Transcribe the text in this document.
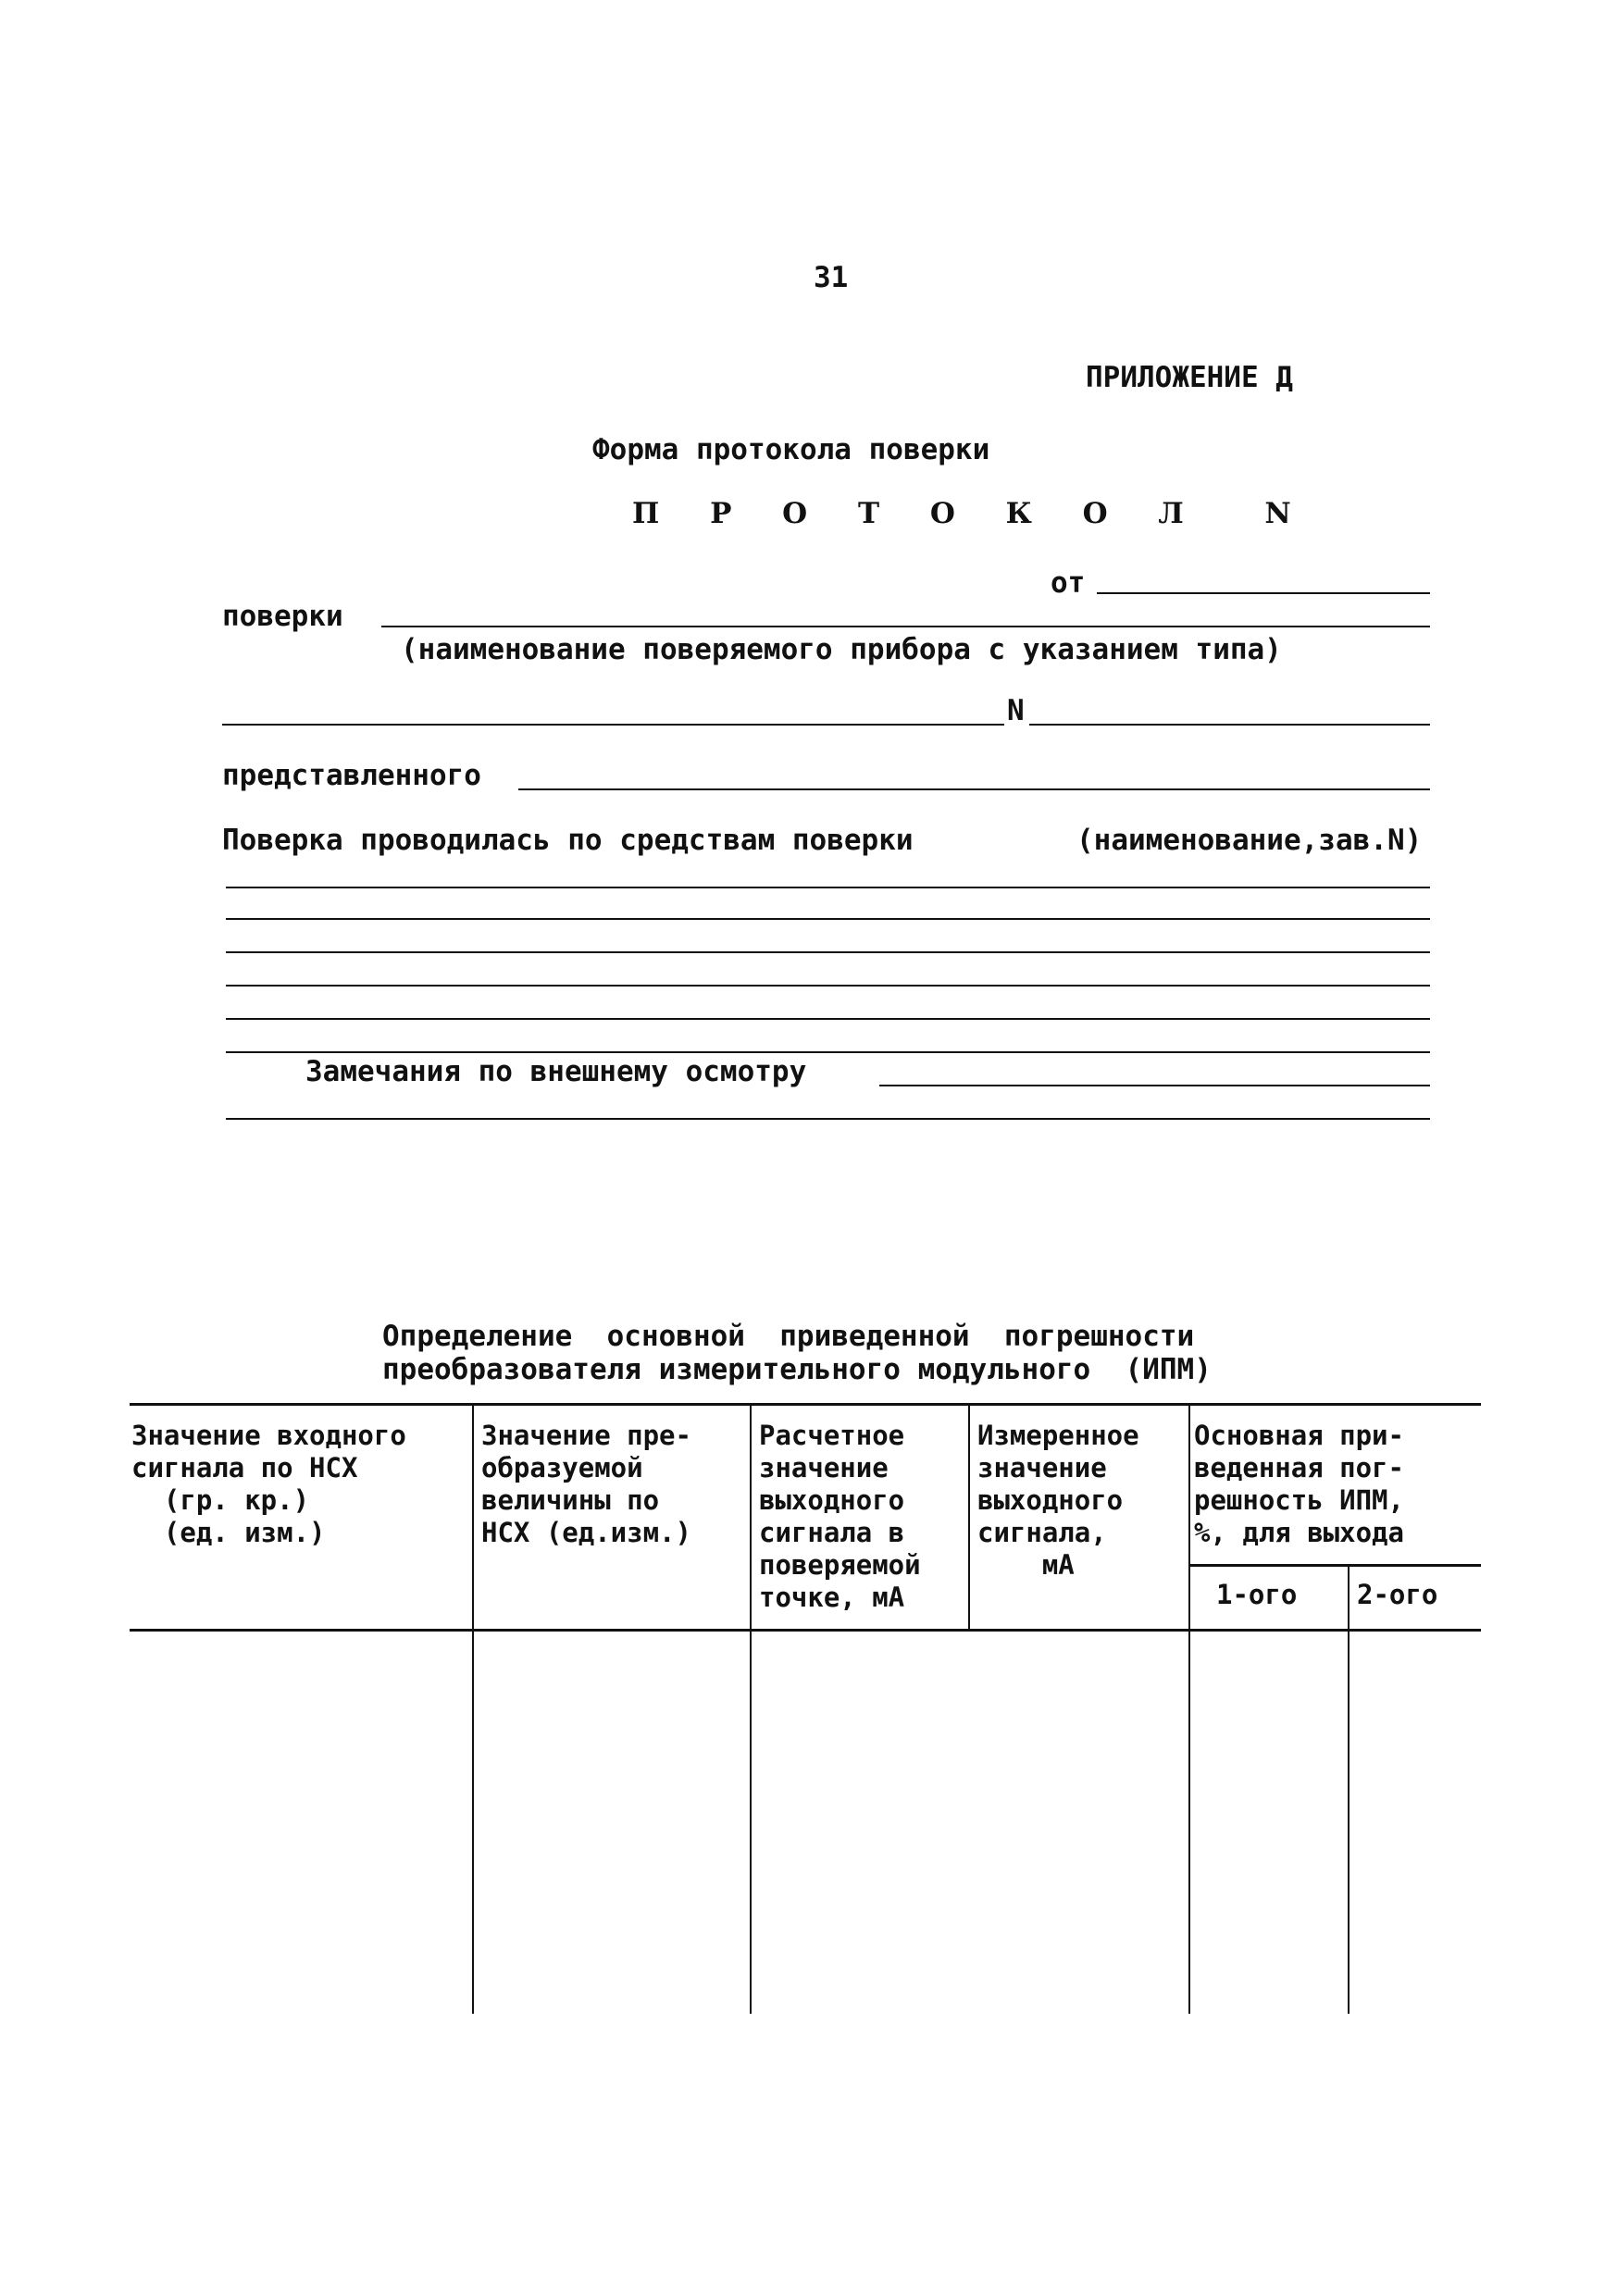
31
ПРИЛОЖЕНИЕ Д
Форма протокола поверки
П Р О Т О К О Л  N
от
поверки
(наименование поверяемого прибора с указанием типа)
N
представленного
Поверка проводилась по средствам поверки	(наименование,зав.N)
Замечания по внешнему осмотру
Определение  основной  приведенной  погрешности
преобразователя измерительного модульного  (ИПМ)
Значение входного
сигнала по НСХ
(гр. кр.)
(ед. изм.)
Значение пре-
образуемой
величины по
НСХ (ед.изм.)
Расчетное
значение
выходного
сигнала в
поверяемой
точке, мА
Измеренное
значение
выходного
сигнала,
мА
Основная при-
веденная пог-
решность ИПМ,
%, для выхода
1-ого 2-ого
